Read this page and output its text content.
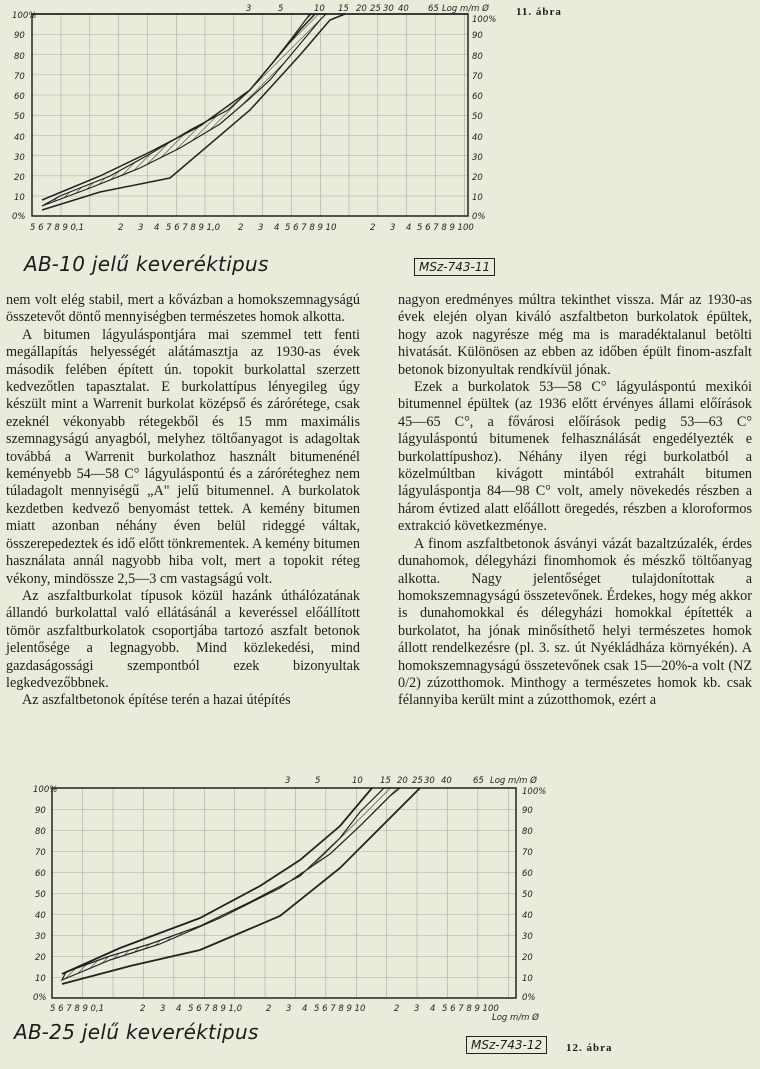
100%
90
80
70
60
50
40
30
20
10
0%
100%
90
80
70
60
50
40
30
20
10
0%
3	5	10 15 20 25 30 40 65 Log m/m Ø
5 6 7 8 9 0,1	2 3 4 5 6 7 8 9 1,0 2 3 4 5 6 7 8 9 10	2 3 4 5 6 7 8 9 100
11. ábra
AB-10 jelű keveréktipus	MSz-743-11

nem volt elég stabil, mert a kővázban a homokszemnagyságú összetevőt döntő mennyiségben természetes homok alkotta.

A bitumen lágyuláspontjára mai szemmel tett fenti megállapítás helyességét alátámasztja az 1930-as évek második felében épített ún. topokit burkolattal szerzett kedvezőtlen tapasztalat. E burkolattípus lényegileg úgy készült mint a Warrenit burkolat középső és zárórétege, csak ezeknél vékonyabb rétegekből és 15 mm maximális szemnagyságú anyagból, melyhez töltőanyagot is adagoltak továbbá a Warrenit burkolathoz használt bitumenénél keményebb 54—58 C° lágyuláspontú és a záróréteghez nem túladagolt mennyiségű „A" jelű bitumennel. A burkolatok kezdetben kedvező benyomást tettek. A kemény bitumen miatt azonban néhány éven belül rideggé váltak, összerepedeztek és idő előtt tönkrementek. A kemény bitumen használata annál nagyobb hiba volt, mert a topokit réteg vékony, mindössze 2,5—3 cm vastagságú volt.

Az aszfaltburkolat típusok közül hazánk úthálózatának állandó burkolattal való ellátásánál a keveréssel előállított tömör aszfaltburkolatok csoportjába tartozó aszfalt betonok jelentősége a legnagyobb. Mind közlekedési, mind gazdaságossági szempontból ezek bizonyultak legkedvezőbbnek.

Az aszfaltbetonok építése terén a hazai útépítés

nagyon eredményes múltra tekinthet vissza. Már az 1930-as évek elején olyan kiváló aszfaltbeton burkolatok épültek, hogy azok nagyrésze még ma is maradéktalanul betölti hivatását. Különösen az ebben az időben épült finom-aszfalt betonok bizonyultak rendkívül jónak.

Ezek a burkolatok 53—58 C° lágyuláspontú mexikói bitumennel épültek (az 1936 előtt érvényes állami előírások 45—65 C°, a fővárosi előírások pedig 53—63 C° lágyuláspontú bitumenek felhasználását engedélyezték e burkolattípushoz). Néhány ilyen régi burkolatból a közelmúltban kivágott mintából extrahált bitumen lágyuláspontja 84—98 C° volt, amely növekedés részben a három évtized alatt előállott öregedés, részben a kloroformos extrakció következménye.

A finom aszfaltbetonok ásványi vázát bazaltzúzalék, érdes dunahomok, délegyházi finomhomok és mészkő töltőanyag alkotta. Nagy jelentőséget tulajdonítottak a homokszemnagyságú összetevőnek. Érdekes, hogy még akkor is dunahomokkal és délegyházi homokkal építették a burkolatot, ha jónak minősíthető helyi természetes homok állott rendelkezésre (pl. 3. sz. út Nyékládháza környékén). A homokszemnagyságú összetevőnek csak 15—20%-a volt (NZ 0/2) zúzotthomok. Minthogy a természetes homok kb. csak félannyiba került mint a zúzotthomok, ezért a

100%
90
80
70
60
50
40
30
20
10
0%
100%
90
80
70
60
50
40
30
20
10
0%
3	5	10 15 20 25 30 40 65 Log m/m Ø
5 6 7 8 9 0,1	2 3 4 5 6 7 8 9 1,0	2 3 4 5 6 7 8 9 10	2 3 4 5 6 7 8 9 100
Log m/m Ø
AB-25 jelű keveréktipus
MSz-743-12	12. ábra
